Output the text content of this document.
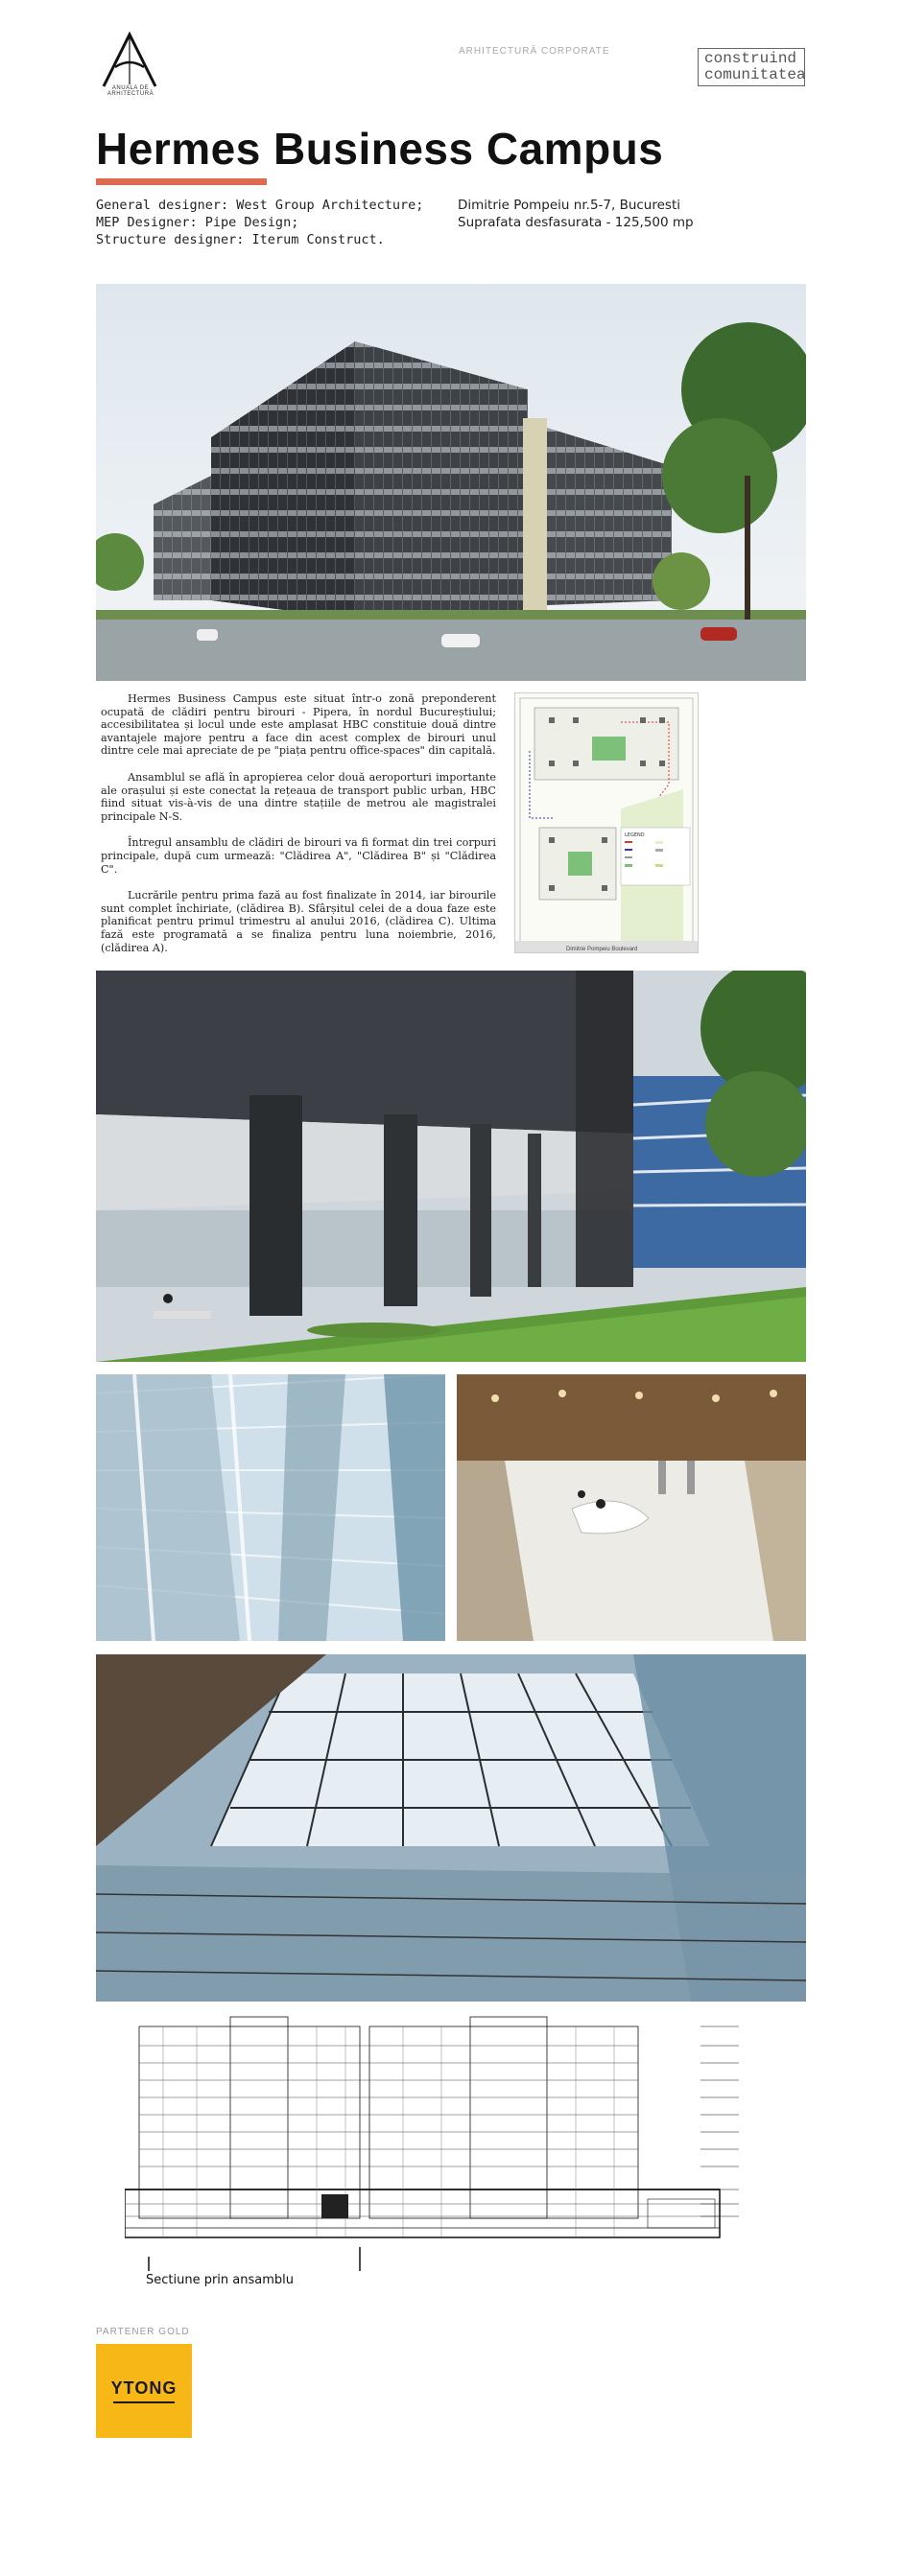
ANUALA DE ARHITECTURĂ
ARHITECTURĂ CORPORATE	construind
comunitatea
Hermes Business Campus
General designer: West Group Architecture;
MEP Designer: Pipe Design;
Structure designer: Iterum Construct.
Dimitrie Pompeiu nr.5-7, Bucuresti
Suprafata desfasurata - 125,500 mp

Hermes Business Campus este situat într-o zonă preponderent ocupată de clădiri pentru birouri - Pipera, în nordul Bucureștiului; accesibilitatea și locul unde este amplasat HBC constituie două dintre avantajele majore pentru a face din acest complex de birouri unul dintre cele mai apreciate de pe "piața pentru office-spaces" din capitală.

Ansamblul se află în apropierea celor două aeroporturi importante ale orașului și este conectat la rețeaua de transport public urban, HBC fiind situat vis-à-vis de una dintre stațiile de metrou ale magistralei principale N-S.

Întregul ansamblu de clădiri de birouri va fi format din trei corpuri principale, după cum urmează: "Clădirea A", "Clădirea B" și "Clădirea C".

Lucrările pentru prima fază au fost finalizate în 2014, iar birourile sunt complet închiriate, (clădirea B). Sfârșitul celei de a doua faze este planificat pentru primul trimestru al anului 2016, (clădirea C). Ultima fază este programată a se finaliza pentru luna noiembrie, 2016, (clădirea A).

LEGEND
Dimitrie Pompeiu Boulevard
Sectiune prin ansamblu
PARTENER GOLD
YTONG
